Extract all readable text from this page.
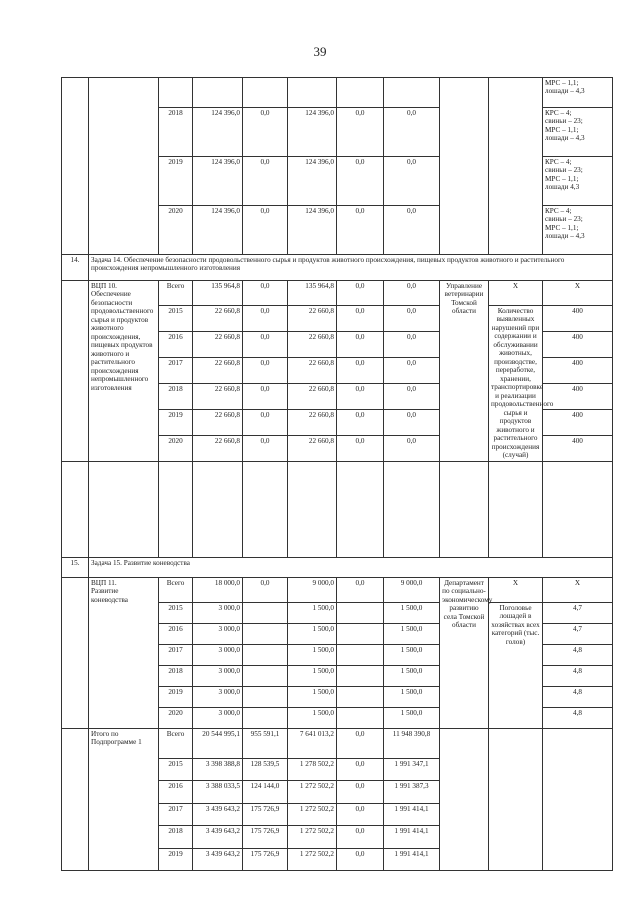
39
										МРС – 1,1;
лошади – 4,3
		2018	124 396,0	0,0	124 396,0	0,0	0,0			КРС – 4;
свиньи – 23;
МРС – 1,1;
лошади – 4,3
		2019	124 396,0	0,0	124 396,0	0,0	0,0			КРС – 4;
свиньи – 23;
МРС – 1,1;
лошади 4,3
		2020	124 396,0	0,0	124 396,0	0,0	0,0			КРС – 4;
свиньи – 23;
МРС – 1,1;
лошади – 4,3
14.	Задача 14. Обеспечение безопасности продовольственного сырья и продуктов животного происхождения, пищевых продуктов животного и растительного происхождения непромышленного изготовления									
	ВЦП 10.
Обеспечение безопасности продовольственного сырья и продуктов животного происхождения, пищевых продуктов животного и растительного происхождения непромышленного изготовления	Всего	135 964,8	0,0	135 964,8	0,0	0,0	Управление ветеринарии Томской области	Х	Х
		2015	22 660,8	0,0	22 660,8	0,0	0,0		Количество выявленных нарушений при содержании и обслуживании животных, производстве, переработке, хранении, транспортировке и реализации продовольственного сырья и продуктов животного и растительного происхождения (случай)	400
		2016	22 660,8	0,0	22 660,8	0,0	0,0			400
		2017	22 660,8	0,0	22 660,8	0,0	0,0			400
		2018	22 660,8	0,0	22 660,8	0,0	0,0			400
		2019	22 660,8	0,0	22 660,8	0,0	0,0			400
		2020	22 660,8	0,0	22 660,8	0,0	0,0			400

15.	Задача 15. Развитие коневодства									
	ВЦП 11.
Развитие коневодства	Всего	18 000,0	0,0	9 000,0	0,0	9 000,0	Департамент по социально-экономическому развитию села Томской области	Х	Х
		2015	3 000,0		1 500,0		1 500,0		Поголовье лошадей в хозяйствах всех категорий (тыс. голов)	4,7
		2016	3 000,0		1 500,0		1 500,0			4,7
		2017	3 000,0		1 500,0		1 500,0			4,8
		2018	3 000,0		1 500,0		1 500,0			4,8
		2019	3 000,0		1 500,0		1 500,0			4,8
		2020	3 000,0		1 500,0		1 500,0			4,8
	Итого по Подпрограмме 1	Всего	20 544 995,1	955 591,1	7 641 013,2	0,0	11 948 390,8			
		2015	3 398 388,8	128 539,5	1 278 502,2	0,0	1 991 347,1			
		2016	3 388 033,5	124 144,0	1 272 502,2	0,0	1 991 387,3			
		2017	3 439 643,2	175 726,9	1 272 502,2	0,0	1 991 414,1			
		2018	3 439 643,2	175 726,9	1 272 502,2	0,0	1 991 414,1			
		2019	3 439 643,2	175 726,9	1 272 502,2	0,0	1 991 414,1			
